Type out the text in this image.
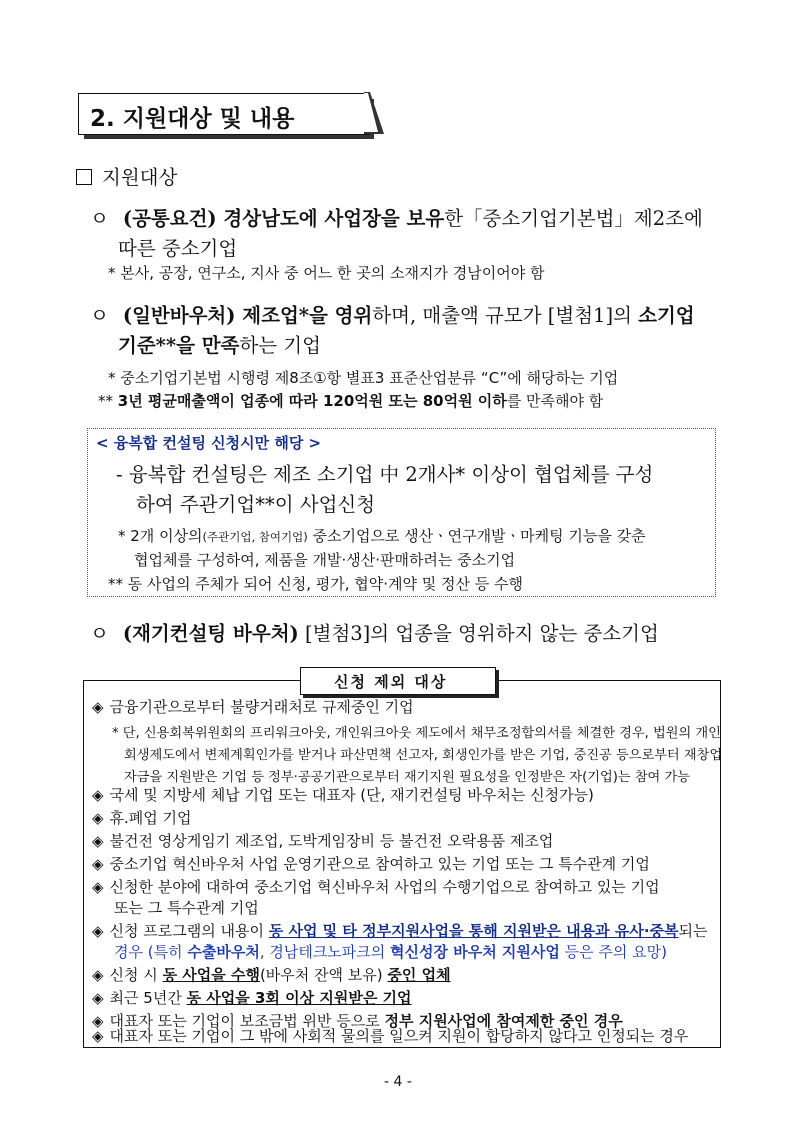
2. 지원대상 및 내용
지원대상
ㅇ (공통요건) 경상남도에 사업장을 보유한「중소기업기본법」제2조에
따른 중소기업
* 본사, 공장, 연구소, 지사 중 어느 한 곳의 소재지가 경남이어야 함
ㅇ (일반바우처) 제조업*을 영위하며, 매출액 규모가 [별첨1]의 소기업
기준**을 만족하는 기업
* 중소기업기본법 시행령 제8조①항 별표3 표준산업분류 “C”에 해당하는 기업
** 3년 평균매출액이 업종에 따라 120억원 또는 80억원 이하를 만족해야 함
< 융복합 컨설팅 신청시만 해당 >
- 융복합 컨설팅은 제조 소기업 中 2개사* 이상이 협업체를 구성
하여 주관기업**이 사업신청
* 2개 이상의(주관기업, 참여기업) 중소기업으로 생산ㆍ연구개발ㆍ마케팅 기능을 갖춘
협업체를 구성하여, 제품을 개발·생산·판매하려는 중소기업
** 동 사업의 주체가 되어 신청, 평가, 협약·계약 및 정산 등 수행
ㅇ (재기컨설팅 바우처) [별첨3]의 업종을 영위하지 않는 중소기업
신청 제외 대상
◈ 금융기관으로부터 불량거래처로 규제중인 기업
* 단, 신용회복위원회의 프리워크아웃, 개인워크아웃 제도에서 채무조정합의서를 체결한 경우, 법원의 개인
회생제도에서 변제계획인가를 받거나 파산면책 선고자, 회생인가를 받은 기업, 중진공 등으로부터 재창업
자금을 지원받은 기업 등 정부·공공기관으로부터 재기지원 필요성을 인정받은 자(기업)는 참여 가능
◈ 국세 및 지방세 체납 기업 또는 대표자 (단, 재기컨설팅 바우처는 신청가능)
◈ 휴.폐업 기업
◈ 불건전 영상게임기 제조업, 도박게임장비 등 불건전 오락용품 제조업
◈ 중소기업 혁신바우처 사업 운영기관으로 참여하고 있는 기업 또는 그 특수관계 기업
◈ 신청한 분야에 대하여 중소기업 혁신바우처 사업의 수행기업으로 참여하고 있는 기업
또는 그 특수관계 기업
◈ 신청 프로그램의 내용이 동 사업 및 타 정부지원사업을 통해 지원받은 내용과 유사·중복되는
경우 (특히 수출바우처, 경남테크노파크의 혁신성장 바우처 지원사업 등은 주의 요망)
◈ 신청 시 동 사업을 수행(바우처 잔액 보유) 중인 업체
◈ 최근 5년간 동 사업을 3회 이상 지원받은 기업
◈ 대표자 또는 기업이 보조금법 위반 등으로 정부 지원사업에 참여제한 중인 경우
◈ 대표자 또는 기업이 그 밖에 사회적 물의를 일으켜 지원이 합당하지 않다고 인정되는 경우
- 4 -
